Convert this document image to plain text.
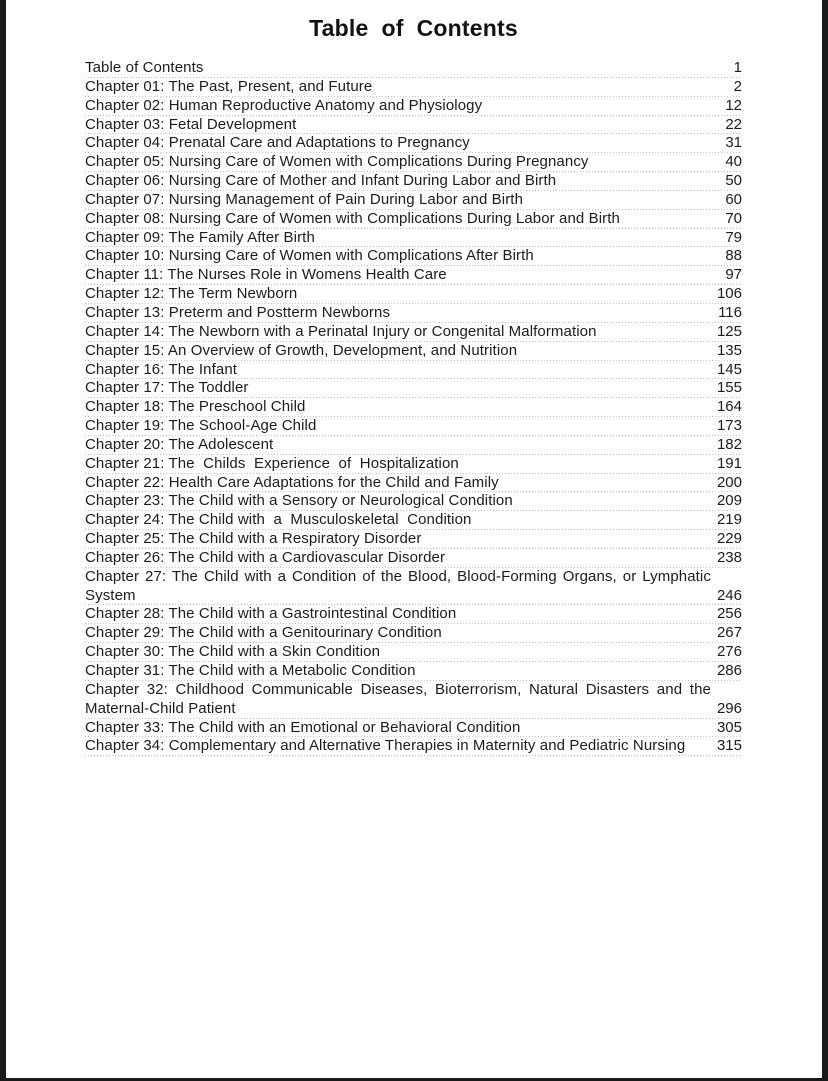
Table of Contents
Table of Contents	1
Chapter 01: The Past, Present, and Future	2
Chapter 02: Human Reproductive Anatomy and Physiology	12
Chapter 03: Fetal Development	22
Chapter 04: Prenatal Care and Adaptations to Pregnancy	31
Chapter 05: Nursing Care of Women with Complications During Pregnancy	40
Chapter 06: Nursing Care of Mother and Infant During Labor and Birth	50
Chapter 07: Nursing Management of Pain During Labor and Birth	60
Chapter 08: Nursing Care of Women with Complications During Labor and Birth	70
Chapter 09: The Family After Birth	79
Chapter 10: Nursing Care of Women with Complications After Birth	88
Chapter 11: The Nurses Role in Womens Health Care	97
Chapter 12: The Term Newborn	106
Chapter 13: Preterm and Postterm Newborns	116
Chapter 14: The Newborn with a Perinatal Injury or Congenital Malformation	125
Chapter 15: An Overview of Growth, Development, and Nutrition	135
Chapter 16: The Infant	145
Chapter 17: The Toddler	155
Chapter 18: The Preschool Child	164
Chapter 19: The School-Age Child	173
Chapter 20: The Adolescent	182
Chapter 21: The  Childs  Experience  of  Hospitalization	191
Chapter 22: Health Care Adaptations for the Child and Family	200
Chapter 23: The Child with a Sensory or Neurological Condition	209
Chapter 24: The Child with  a  Musculoskeletal  Condition	219
Chapter 25: The Child with a Respiratory Disorder	229
Chapter 26: The Child with a Cardiovascular Disorder	238
Chapter 27: The Child with a Condition of the Blood, Blood-Forming Organs, or Lymphatic System	246
Chapter 28: The Child with a Gastrointestinal Condition	256
Chapter 29: The Child with a Genitourinary Condition	267
Chapter 30: The Child with a Skin Condition	276
Chapter 31: The Child with a Metabolic Condition	286
Chapter 32: Childhood Communicable Diseases, Bioterrorism, Natural Disasters and the Maternal-Child Patient	296
Chapter 33: The Child with an Emotional or Behavioral Condition	305
Chapter 34: Complementary and Alternative Therapies in Maternity and Pediatric Nursing	315
